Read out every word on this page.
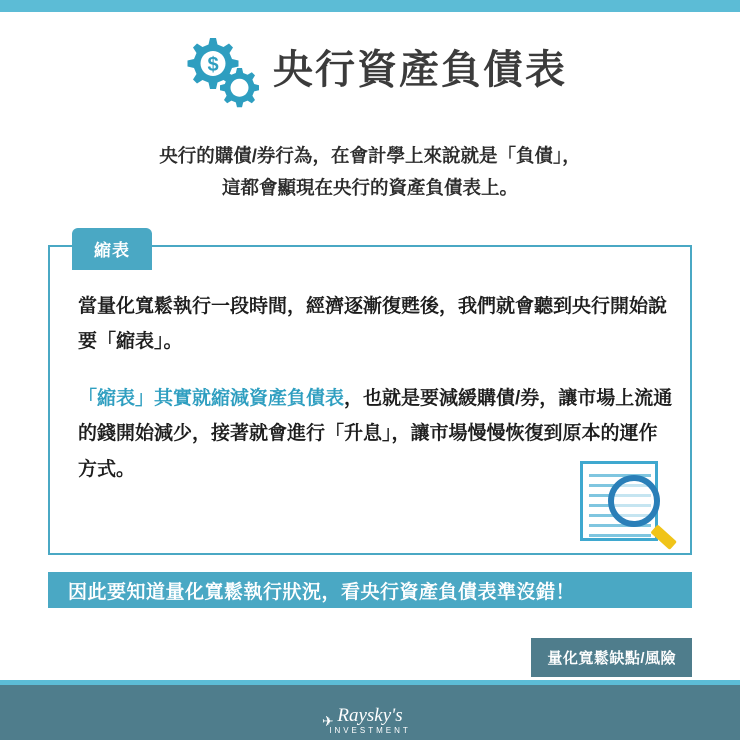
$ 央行資產負債表
央行的購債/券行為，在會計學上來說就是「負債」，
這都會顯現在央行的資產負債表上。
縮表

當量化寬鬆執行一段時間，經濟逐漸復甦後，我們就會聽到央行開始說要「縮表」。

「縮表」其實就縮減資產負債表，也就是要減緩購債/券，讓市場上流通的錢開始減少，接著就會進行「升息」，讓市場慢慢恢復到原本的運作方式。

因此要知道量化寬鬆執行狀況，看央行資產負債表準沒錯！
量化寬鬆缺點/風險
Raysky's
INVESTMENT
✈
